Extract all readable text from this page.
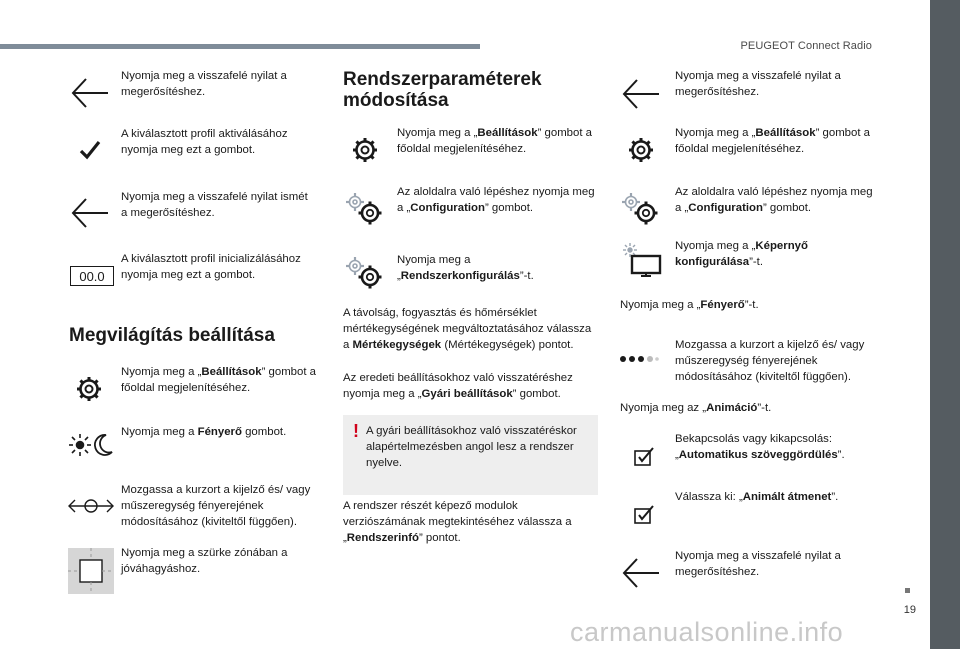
PEUGEOT Connect Radio
19
carmanualsonline.info
Nyomja meg a visszafelé nyilat a megerősítéshez.
A kiválasztott profil aktiválásához nyomja meg ezt a gombot.
Nyomja meg a visszafelé nyilat ismét a megerősítéshez.
00.0
A kiválasztott profil inicializálásához nyomja meg ezt a gombot.
Megvilágítás beállítása
Nyomja meg a „Beállítások” gombot a főoldal megjelenítéséhez.
Nyomja meg a Fényerő gombot.
Mozgassa a kurzort a kijelző és/ vagy műszeregység fényerejének módosításához (kiviteltől függően).
Nyomja meg a szürke zónában a jóváhagyáshoz.
Rendszerparaméterek
módosítása
Nyomja meg a „Beállítások” gombot a főoldal megjelenítéséhez.
Az aloldalra való lépéshez nyomja meg a „Configuration” gombot.
Nyomja meg a „Rendszerkonfigurálás”-t.
A távolság, fogyasztás és hőmérséklet mértékegységének megváltoztatásához válassza a Mértékegységek (Mértékegységek) pontot.
Az eredeti beállításokhoz való visszatéréshez nyomja meg a „Gyári beállítások” gombot.
! A gyári beállításokhoz való visszatéréskor alapértelmezésben angol lesz a rendszer nyelve.
A rendszer részét képező modulok verziószámának megtekintéséhez válassza a „Rendszerinfó” pontot.
Nyomja meg a visszafelé nyilat a megerősítéshez.
Nyomja meg a „Beállítások” gombot a főoldal megjelenítéséhez.
Az aloldalra való lépéshez nyomja meg a „Configuration” gombot.
Nyomja meg a „Képernyő konfigurálása”-t.
Nyomja meg a „Fényerő”-t.
Mozgassa a kurzort a kijelző és/ vagy műszeregység fényerejének módosításához (kiviteltől függően).
Nyomja meg az „Animáció”-t.
Bekapcsolás vagy kikapcsolás: „Automatikus szöveggördülés”.
Válassza ki: „Animált átmenet”.
Nyomja meg a visszafelé nyilat a megerősítéshez.
